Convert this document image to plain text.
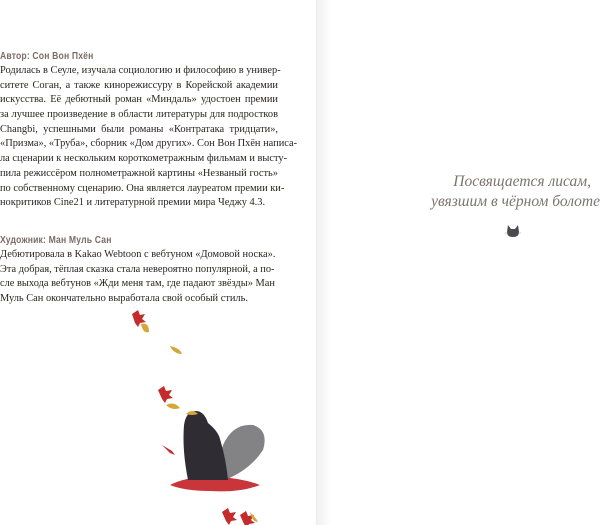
Автор: Сон Вон Пхён
Родилась в Сеуле, изучала социологию и философию в универ-
ситете Соган, а также кинорежиссуру в Корейской академии
искусства. Её дебютный роман «Миндаль» удостоен премии
за лучшее произведение в области литературы для подростков
Changbi, успешными были романы «Контратака тридцати»,
«Призма», «Труба», сборник «Дом других». Сон Вон Пхён написа-
ла сценарии к нескольким короткометражным фильмам и высту-
пила режиссёром полнометражной картины «Незваный гость»
по собственному сценарию. Она является лауреатом премии ки-
нокритиков Cine21 и литературной премии мира Чеджу 4.3.
Художник: Ман Муль Сан
Дебютировала в Kakao Webtoon с вебтуном «Домовой носка».
Эта добрая, тёплая сказка стала невероятно популярной, а по-
сле выхода вебтунов «Жди меня там, где падают звёзды» Ман
Муль Сан окончательно выработала свой особый стиль.
Посвящается лисам,
увязшим в чёрном болоте
